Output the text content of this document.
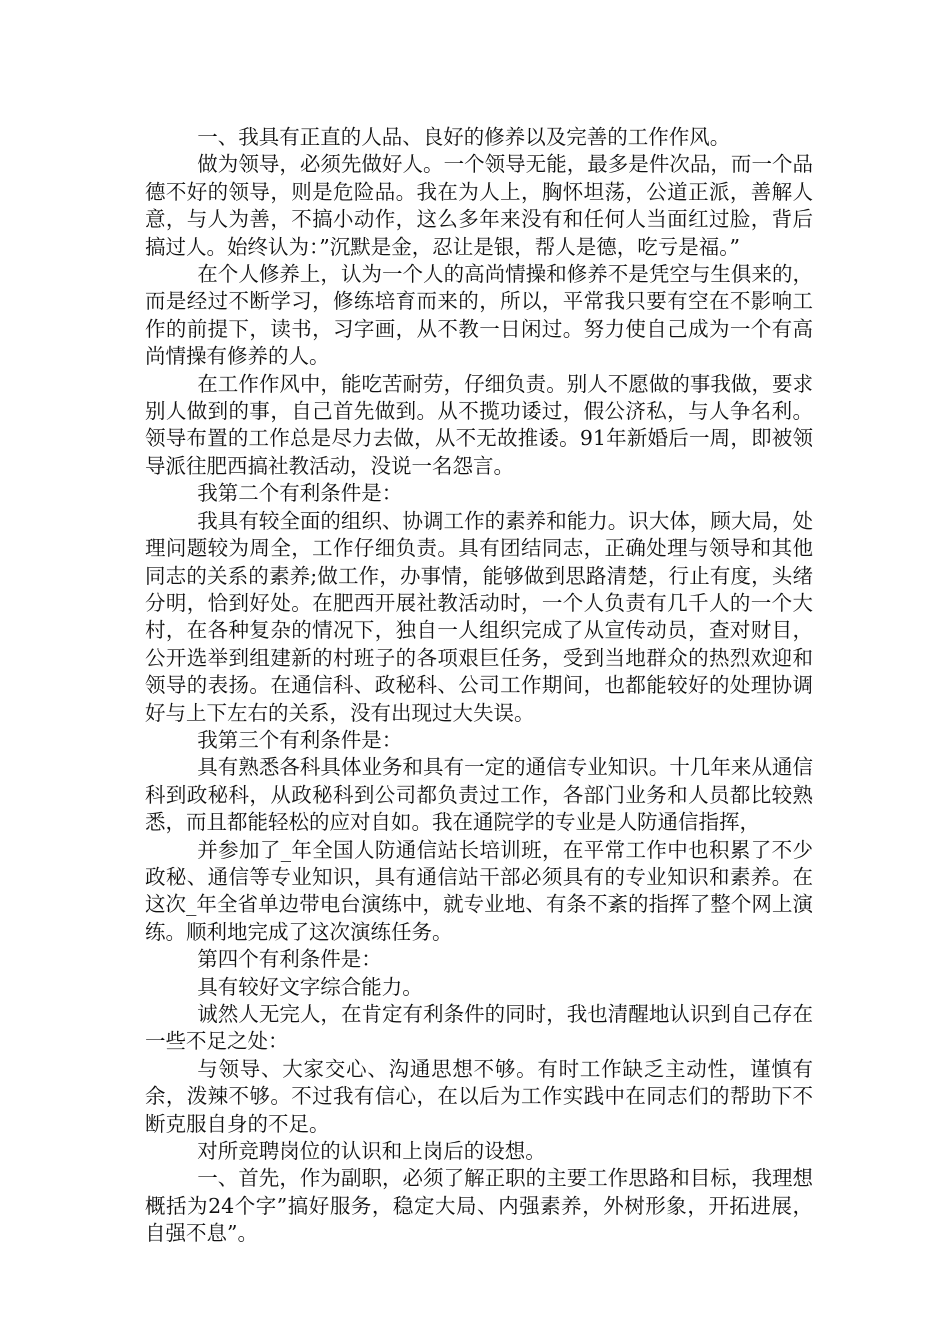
一、我具有正直的人品、良好的修养以及完善的工作作风。

做为领导，必须先做好人。一个领导无能，最多是件次品，而一个品德不好的领导，则是危险品。我在为人上，胸怀坦荡，公道正派，善解人意，与人为善，不搞小动作，这么多年来没有和任何人当面红过脸，背后搞过人。始终认为：”沉默是金，忍让是银，帮人是德，吃亏是福。”

在个人修养上，认为一个人的高尚情操和修养不是凭空与生俱来的，而是经过不断学习，修练培育而来的，所以，平常我只要有空在不影响工作的前提下，读书，习字画，从不教一日闲过。努力使自己成为一个有高尚情操有修养的人。

在工作作风中，能吃苦耐劳，仔细负责。别人不愿做的事我做，要求别人做到的事，自己首先做到。从不揽功诿过，假公济私，与人争名利。领导布置的工作总是尽力去做，从不无故推诿。91年新婚后一周，即被领导派往肥西搞社教活动，没说一名怨言。

我第二个有利条件是：

我具有较全面的组织、协调工作的素养和能力。识大体，顾大局，处理问题较为周全，工作仔细负责。具有团结同志，正确处理与领导和其他同志的关系的素养;做工作，办事情，能够做到思路清楚，行止有度，头绪分明，恰到好处。在肥西开展社教活动时，一个人负责有几千人的一个大村，在各种复杂的情况下，独自一人组织完成了从宣传动员，查对财目，公开选举到组建新的村班子的各项艰巨任务，受到当地群众的热烈欢迎和领导的表扬。在通信科、政秘科、公司工作期间，也都能较好的处理协调好与上下左右的关系，没有出现过大失误。

我第三个有利条件是：

具有熟悉各科具体业务和具有一定的通信专业知识。十几年来从通信科到政秘科，从政秘科到公司都负责过工作，各部门业务和人员都比较熟悉，而且都能轻松的应对自如。我在通院学的专业是人防通信指挥，

并参加了_年全国人防通信站长培训班，在平常工作中也积累了不少政秘、通信等专业知识，具有通信站干部必须具有的专业知识和素养。在这次_年全省单边带电台演练中，就专业地、有条不紊的指挥了整个网上演练。顺利地完成了这次演练任务。

第四个有利条件是：

具有较好文字综合能力。

诚然人无完人，在肯定有利条件的同时，我也清醒地认识到自己存在一些不足之处：

与领导、大家交心、沟通思想不够。有时工作缺乏主动性，谨慎有余，泼辣不够。不过我有信心，在以后为工作实践中在同志们的帮助下不断克服自身的不足。

对所竞聘岗位的认识和上岗后的设想。

一、首先，作为副职，必须了解正职的主要工作思路和目标，我理想概括为24个字”搞好服务，稳定大局、内强素养，外树形象，开拓进展，自强不息”。
